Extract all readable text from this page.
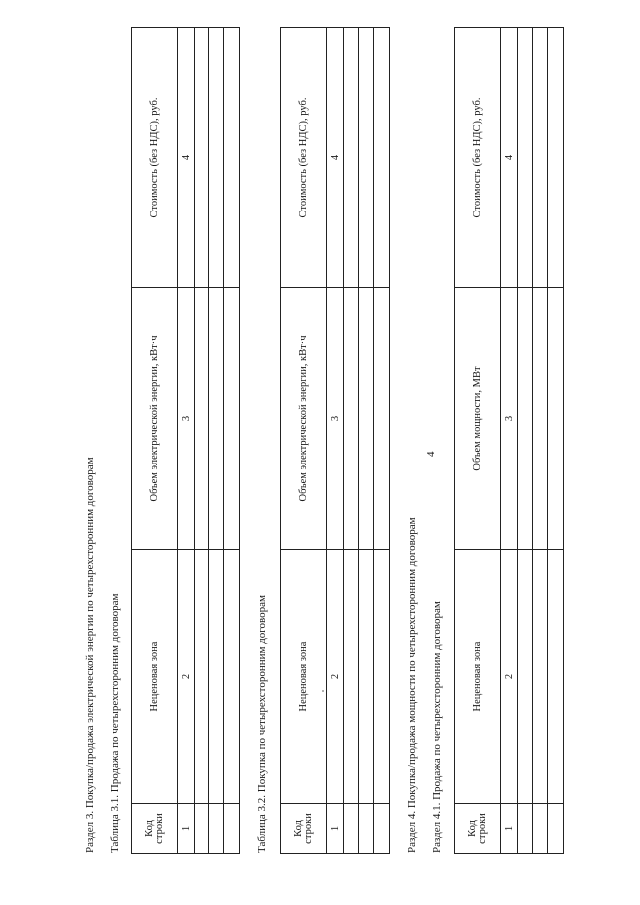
4
Раздел 3. Покупка/продажа электрической энергии по четырехсторонним договорам Таблица 3.1. Продажа по четырехсторонним договорам Код строки	Неценовая зона	Объем электрической энергии, кВт·ч	Стоимость (без НДС), руб.
1	2	3	4

Таблица 3.2. Покупка по четырехсторонним договорам Код строки	Неценовая зона	Объем электрической энергии, кВт·ч	Стоимость (без НДС), руб.
1	2	3	4

Раздел 4. Покупка/продажа мощности по четырехсторонним договорам Раздел 4.1. Продажа по четырехсторонним договорам Код строки	Неценовая зона	Объем мощности, МВт	Стоимость (без НДС), руб.
1	2	3	4
